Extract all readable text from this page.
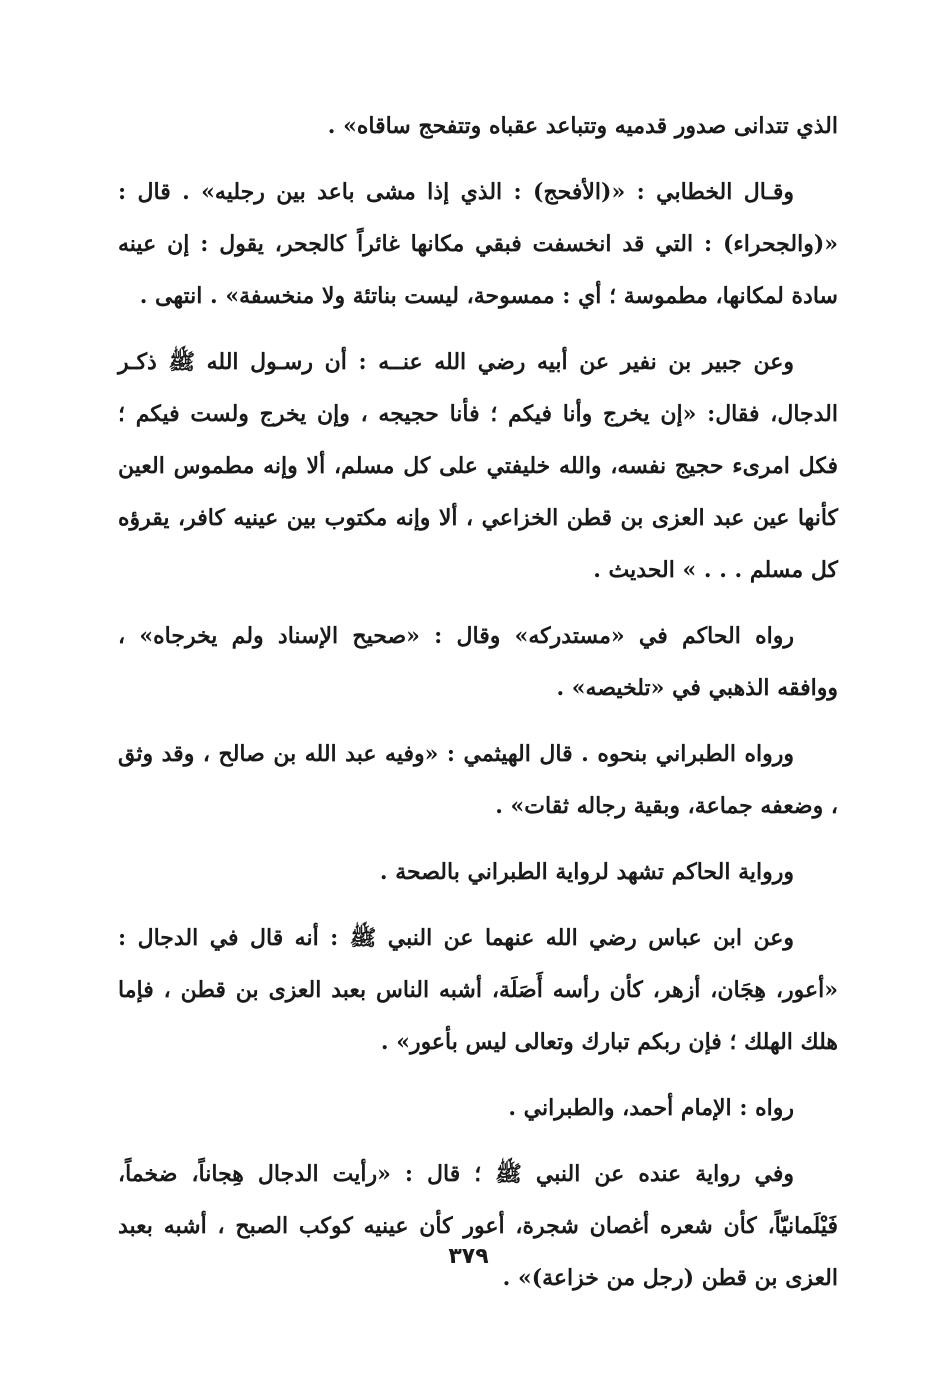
الذي تتدانى صدور قدميه وتتباعد عقباه وتتفحج ساقاه» .

وقـال الخطابي : «(الأفحج) : الذي إذا مشى باعد بين رجليه» . قال : «(والجحراء) : التي قد انخسفت فبقي مكانها غائراً كالجحر، يقول : إن عينه سادة لمكانها، مطموسة ؛ أي : ممسوحة، ليست بناتئة ولا منخسفة» . انتهى .

وعن جبير بن نفير عن أبيه رضي الله عنــه : أن رسـول الله ﷺ ذكـر الدجال، فقال: «إن يخرج وأنا فيكم ؛ فأنا حجيجه ، وإن يخرج ولست فيكم ؛ فكل امرىء حجيج نفسه، والله خليفتي على كل مسلم، ألا وإنه مطموس العين كأنها عين عبد العزى بن قطن الخزاعي ، ألا وإنه مكتوب بين عينيه كافر، يقرؤه كل مسلم . . . » الحديث .

رواه الحاكم في «مستدركه» وقال : «صحيح الإسناد ولم يخرجاه» ، ووافقه الذهبي في «تلخيصه» .

ورواه الطبراني بنحوه . قال الهيثمي : «وفيه عبد الله بن صالح ، وقد وثق ، وضعفه جماعة، وبقية رجاله ثقات» .

ورواية الحاكم تشهد لرواية الطبراني بالصحة .

وعن ابن عباس رضي الله عنهما عن النبي ﷺ : أنه قال في الدجال : «أعور، هِجَان، أزهر، كأن رأسه أَصَلَة، أشبه الناس بعبد العزى بن قطن ، فإما هلك الهلك ؛ فإن ربكم تبارك وتعالى ليس بأعور» .

رواه : الإمام أحمد، والطبراني .

وفي رواية عنده عن النبي ﷺ ؛ قال : «رأيت الدجال هِجاناً، ضخماً، فَيْلَمانيّاً، كأن شعره أغصان شجرة، أعور كأن عينيه كوكب الصبح ، أشبه بعبد العزى بن قطن (رجل من خزاعة)» .

٣٧٩
